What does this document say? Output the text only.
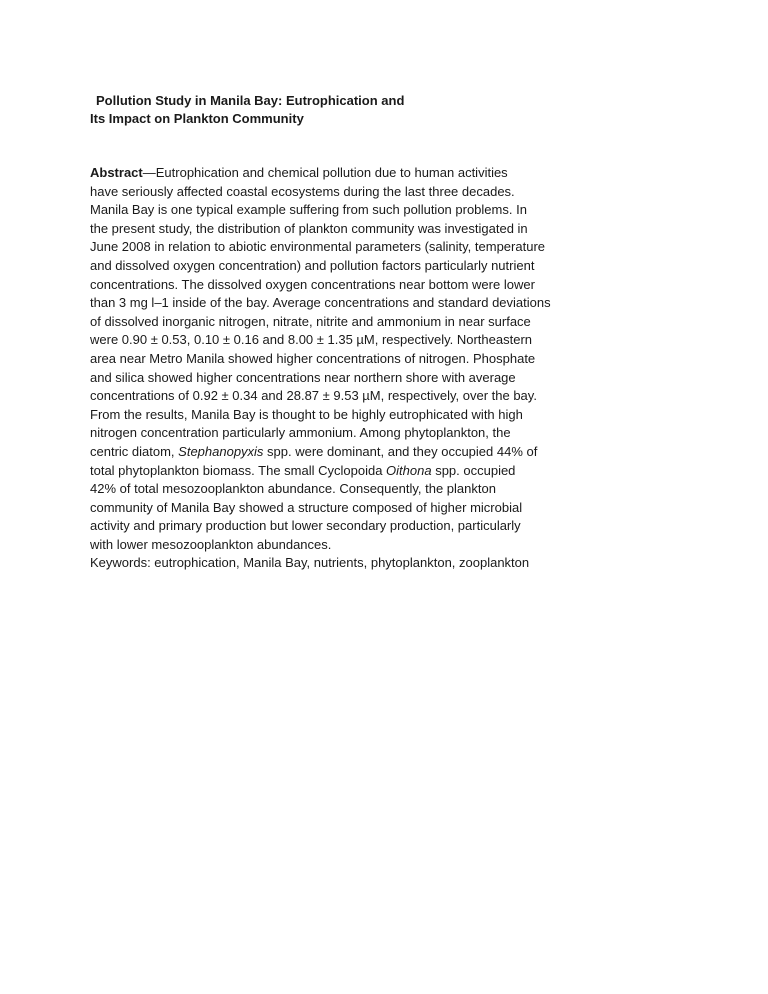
Pollution Study in Manila Bay: Eutrophication and
Its Impact on Plankton Community
Abstract—Eutrophication and chemical pollution due to human activities
have seriously affected coastal ecosystems during the last three decades.
Manila Bay is one typical example suffering from such pollution problems. In
the present study, the distribution of plankton community was investigated in
June 2008 in relation to abiotic environmental parameters (salinity, temperature
and dissolved oxygen concentration) and pollution factors particularly nutrient
concentrations. The dissolved oxygen concentrations near bottom were lower
than 3 mg l–1 inside of the bay. Average concentrations and standard deviations
of dissolved inorganic nitrogen, nitrate, nitrite and ammonium in near surface
were 0.90 ± 0.53, 0.10 ± 0.16 and 8.00 ± 1.35 µM, respectively. Northeastern
area near Metro Manila showed higher concentrations of nitrogen. Phosphate
and silica showed higher concentrations near northern shore with average
concentrations of 0.92 ± 0.34 and 28.87 ± 9.53 µM, respectively, over the bay.
From the results, Manila Bay is thought to be highly eutrophicated with high
nitrogen concentration particularly ammonium. Among phytoplankton, the
centric diatom, Stephanopyxis spp. were dominant, and they occupied 44% of
total phytoplankton biomass. The small Cyclopoida Oithona spp. occupied
42% of total mesozooplankton abundance. Consequently, the plankton
community of Manila Bay showed a structure composed of higher microbial
activity and primary production but lower secondary production, particularly
with lower mesozooplankton abundances.
Keywords: eutrophication, Manila Bay, nutrients, phytoplankton, zooplankton
